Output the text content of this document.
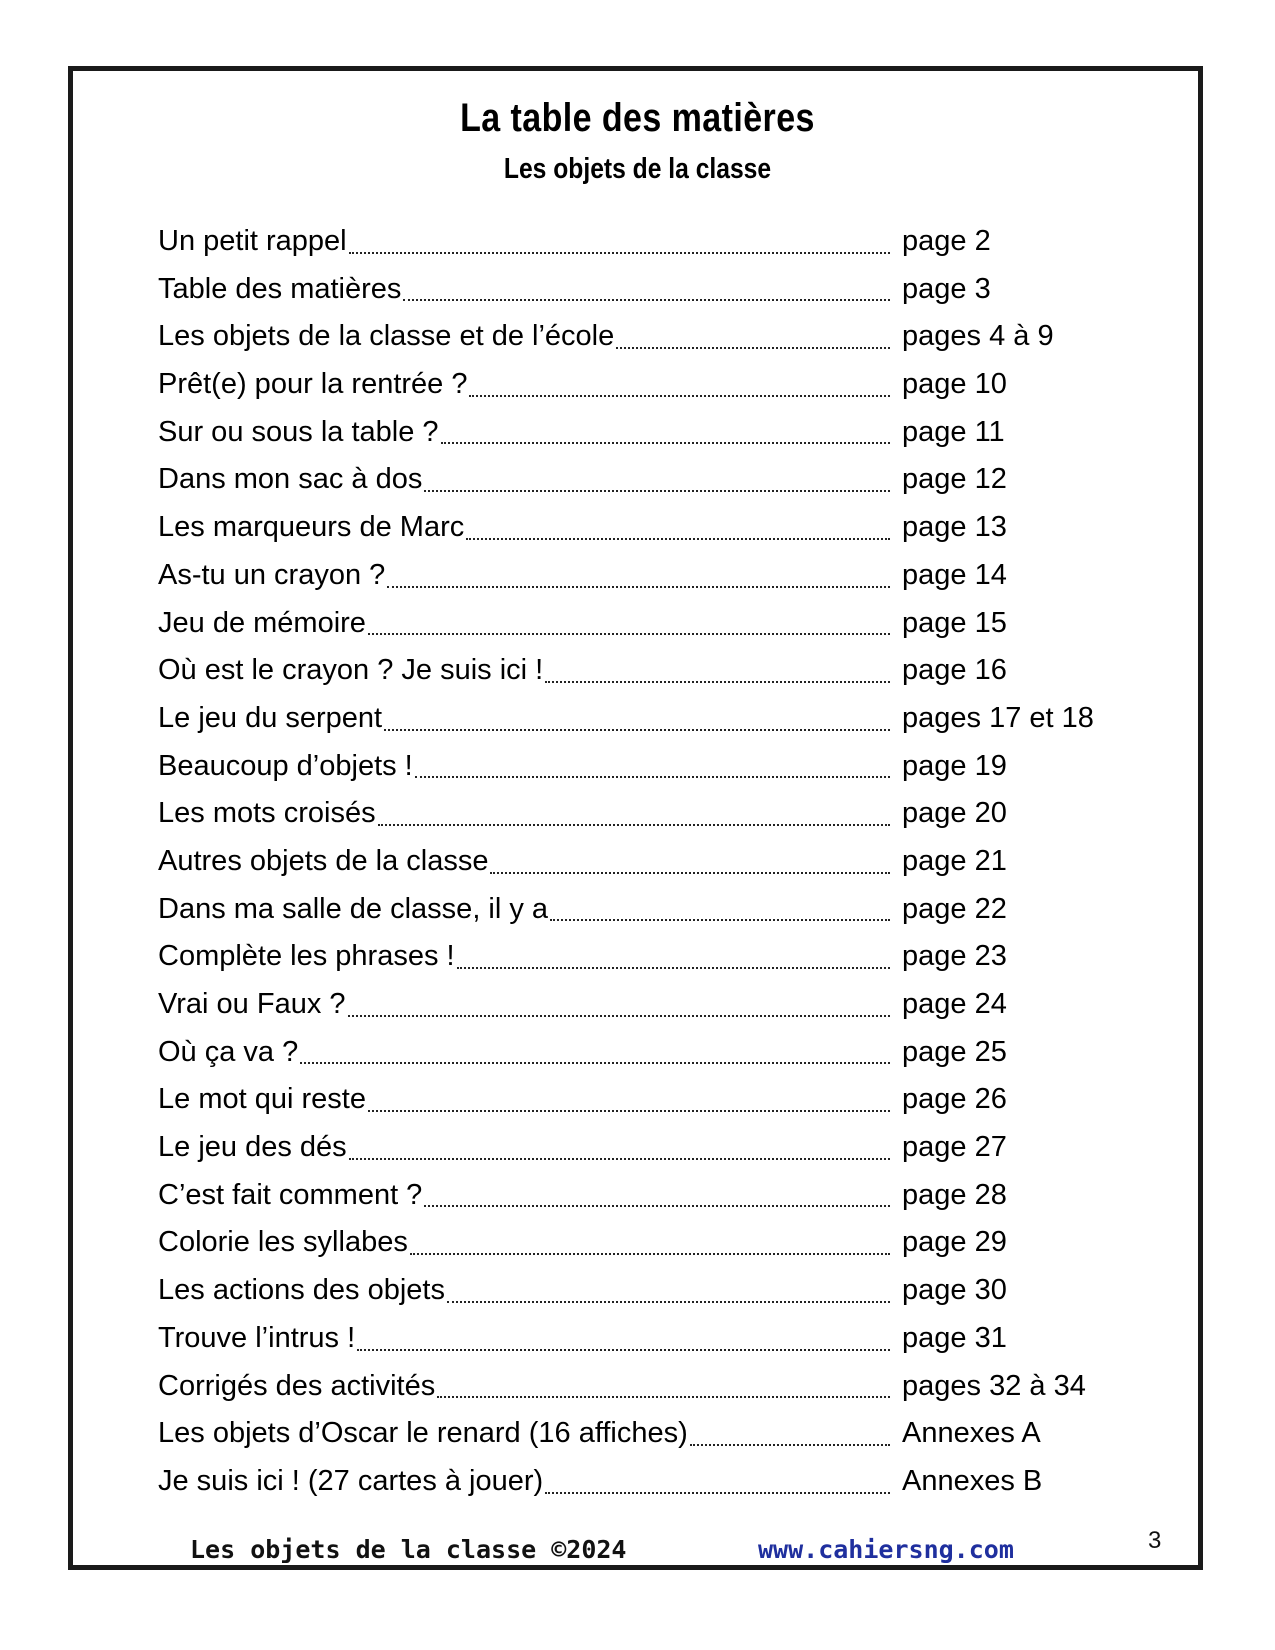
La table des matières
Les objets de la classe
Un petit rappel	page 2
Table des matières	page 3
Les objets de la classe et de l’école	pages 4 à 9
Prêt(e) pour la rentrée ?	page 10
Sur ou sous la table ?	page 11
Dans mon sac à dos	page 12
Les marqueurs de Marc	page 13
As-tu un crayon ?	page 14
Jeu de mémoire	page 15
Où est le crayon ? Je suis ici !	page 16
Le jeu du serpent	pages 17 et 18
Beaucoup d’objets !	page 19
Les mots croisés	page 20
Autres objets de la classe	page 21
Dans ma salle de classe, il y a	page 22
Complète les phrases !	page 23
Vrai ou Faux ?	page 24
Où ça va ?	page 25
Le mot qui reste	page 26
Le jeu des dés	page 27
C’est fait comment ?	page 28
Colorie les syllabes	page 29
Les actions des objets	page 30
Trouve l’intrus !	page 31
Corrigés des activités	pages 32 à 34
Les objets d’Oscar le renard (16 affiches)	Annexes A
Je suis ici ! (27 cartes à jouer)	Annexes B
Les objets de la classe ©2024	www.cahiersng.com	3
